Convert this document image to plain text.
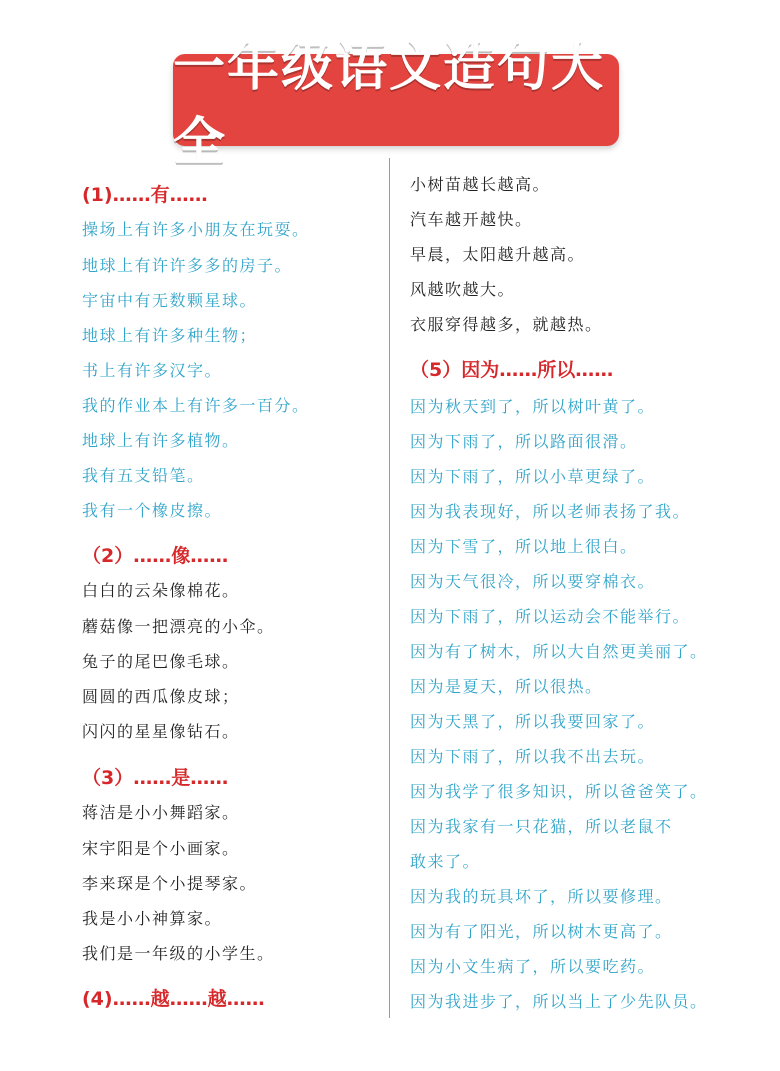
一年级语文造句大全
(1)……有……
操场上有许多小朋友在玩耍。
地球上有许许多多的房子。
宇宙中有无数颗星球。
地球上有许多种生物；
书上有许多汉字。
我的作业本上有许多一百分。
地球上有许多植物。
我有五支铅笔。
我有一个橡皮擦。
（2）……像……
白白的云朵像棉花。
蘑菇像一把漂亮的小伞。
兔子的尾巴像毛球。
圆圆的西瓜像皮球；
闪闪的星星像钻石。
（3）……是……
蒋洁是小小舞蹈家。
宋宇阳是个小画家。
李来琛是个小提琴家。
我是小小神算家。
我们是一年级的小学生。
(4)……越……越……
小树苗越长越高。
汽车越开越快。
早晨，太阳越升越高。
风越吹越大。
衣服穿得越多，就越热。
（5）因为……所以……
因为秋天到了，所以树叶黄了。
因为下雨了，所以路面很滑。
因为下雨了，所以小草更绿了。
因为我表现好，所以老师表扬了我。
因为下雪了，所以地上很白。
因为天气很冷，所以要穿棉衣。
因为下雨了，所以运动会不能举行。
因为有了树木，所以大自然更美丽了。
因为是夏天，所以很热。
因为天黑了，所以我要回家了。
因为下雨了，所以我不出去玩。
因为我学了很多知识，所以爸爸笑了。
因为我家有一只花猫，所以老鼠不
敢来了。
因为我的玩具坏了，所以要修理。
因为有了阳光，所以树木更高了。
因为小文生病了，所以要吃药。
因为我进步了，所以当上了少先队员。
